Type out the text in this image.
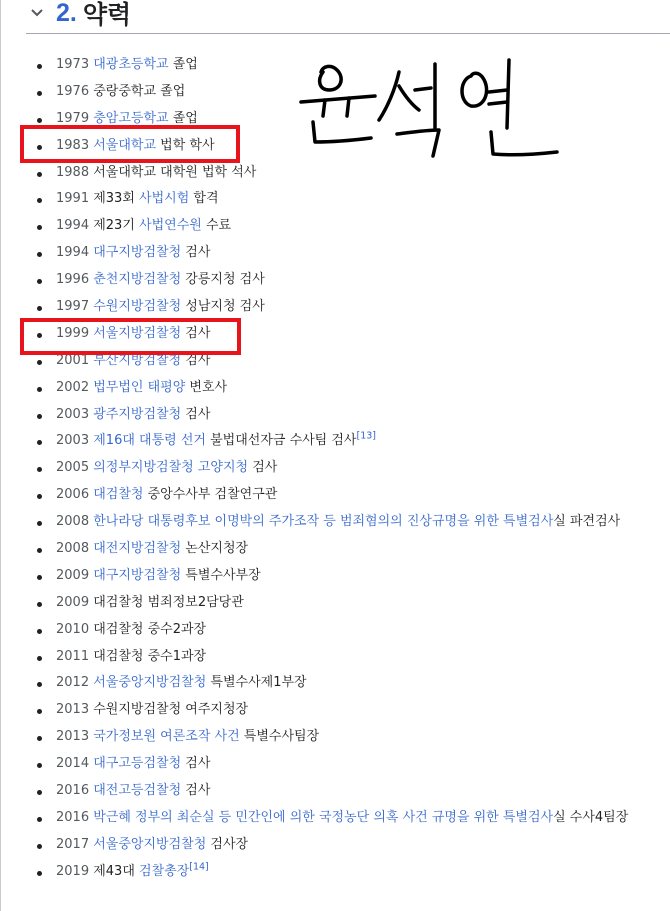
2. 약력
1973 대광초등학교 졸업
1976 중랑중학교 졸업
1979 충암고등학교 졸업
1983 서울대학교 법학 학사
1988 서울대학교 대학원 법학 석사
1991 제33회 사법시험 합격
1994 제23기 사법연수원 수료
1994 대구지방검찰청 검사
1996 춘천지방검찰청 강릉지청 검사
1997 수원지방검찰청 성남지청 검사
1999 서울지방검찰청 검사
2001 부산지방검찰청 검사
2002 법무법인 태평양 변호사
2003 광주지방검찰청 검사
2003 제16대 대통령 선거 불법대선자금 수사팀 검사[13]
2005 의정부지방검찰청 고양지청 검사
2006 대검찰청 중앙수사부 검찰연구관
2008 한나라당 대통령후보 이명박의 주가조작 등 범죄혐의의 진상규명을 위한 특별검사실 파견검사
2008 대전지방검찰청 논산지청장
2009 대구지방검찰청 특별수사부장
2009 대검찰청 범죄정보2담당관
2010 대검찰청 중수2과장
2011 대검찰청 중수1과장
2012 서울중앙지방검찰청 특별수사제1부장
2013 수원지방검찰청 여주지청장
2013 국가정보원 여론조작 사건 특별수사팀장
2014 대구고등검찰청 검사
2016 대전고등검찰청 검사
2016 박근혜 정부의 최순실 등 민간인에 의한 국정농단 의혹 사건 규명을 위한 특별검사실 수사4팀장
2017 서울중앙지방검찰청 검사장
2019 제43대 검찰총장[14]
